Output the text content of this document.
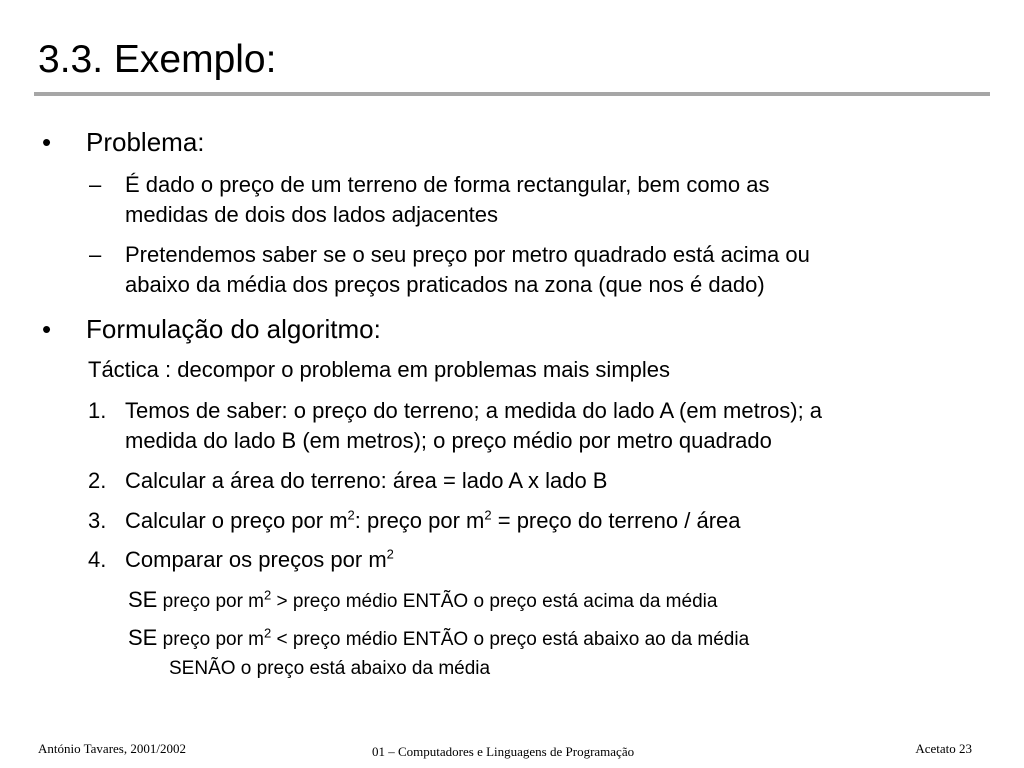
3.3. Exemplo:
• Problema:
– É dado o preço de um terreno de forma rectangular, bem como as
medidas de dois dos lados adjacentes
– Pretendemos saber se o seu preço por metro quadrado está acima ou
abaixo da média dos preços praticados na zona (que nos é dado)
• Formulação do algoritmo:
Táctica : decompor o problema em problemas mais simples
1. Temos de saber: o preço do terreno; a medida do lado A (em metros); a
medida do lado B (em metros); o preço médio por metro quadrado
2. Calcular a área do terreno: área = lado A x lado B
3. Calcular o preço por $m^2$: preço por $m^2$ = preço do terreno / área
4. Comparar os preços por $m^2$
SE preço por $m^2$ > preço médio ENTÃO o preço está acima da média
SE preço por $m^2$ < preço médio ENTÃO o preço está abaixo ao da média
SENÃO o preço está abaixo da média
António Tavares, 2001/2002	01 – Computadores e Linguagens de Programação	Acetato 23
